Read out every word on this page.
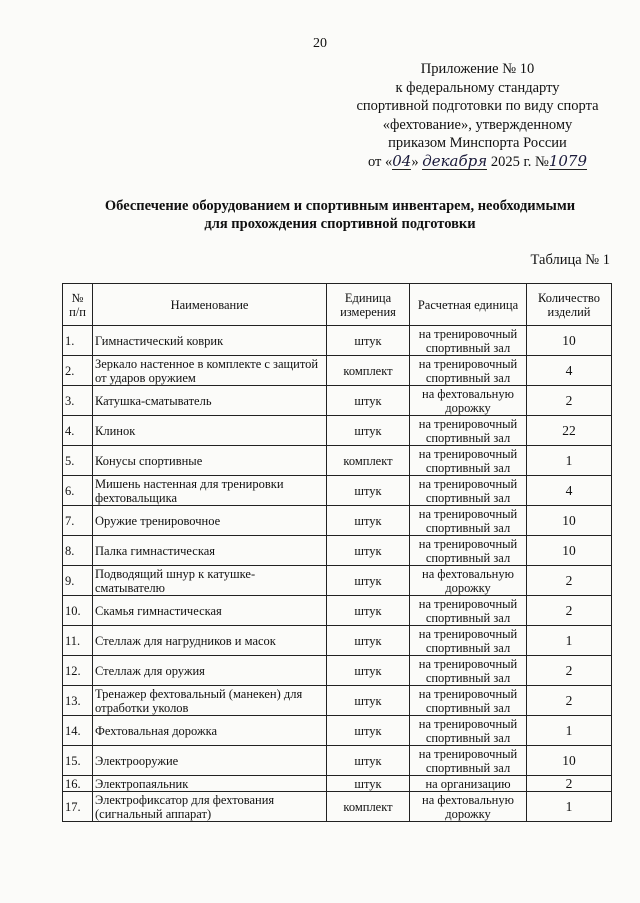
20
Приложение № 10
к федеральному стандарту
спортивной подготовки по виду спорта
«фехтование», утвержденному
приказом Минспорта России
от «04» декабря 2025 г. №1079
Обеспечение оборудованием и спортивным инвентарем, необходимыми
для прохождения спортивной подготовки
Таблица № 1
№ п/п	Наименование	Единица измерения	Расчетная единица	Количество изделий
1.	Гимнастический коврик	штук	на тренировочный спортивный зал	10
2.	Зеркало настенное в комплекте с защитой от ударов оружием	комплект	на тренировочный спортивный зал	4
3.	Катушка-сматыватель	штук	на фехтовальную дорожку	2
4.	Клинок	штук	на тренировочный спортивный зал	22
5.	Конусы спортивные	комплект	на тренировочный спортивный зал	1
6.	Мишень настенная для тренировки фехтовальщика	штук	на тренировочный спортивный зал	4
7.	Оружие тренировочное	штук	на тренировочный спортивный зал	10
8.	Палка гимнастическая	штук	на тренировочный спортивный зал	10
9.	Подводящий шнур к катушке-сматывателю	штук	на фехтовальную дорожку	2
10.	Скамья гимнастическая	штук	на тренировочный спортивный зал	2
11.	Стеллаж для нагрудников и масок	штук	на тренировочный спортивный зал	1
12.	Стеллаж для оружия	штук	на тренировочный спортивный зал	2
13.	Тренажер фехтовальный (манекен) для отработки уколов	штук	на тренировочный спортивный зал	2
14.	Фехтовальная дорожка	штук	на тренировочный спортивный зал	1
15.	Электрооружие	штук	на тренировочный спортивный зал	10
16.	Электропаяльник	штук	на организацию	2
17.	Электрофиксатор для фехтования (сигнальный аппарат)	комплект	на фехтовальную дорожку	1
